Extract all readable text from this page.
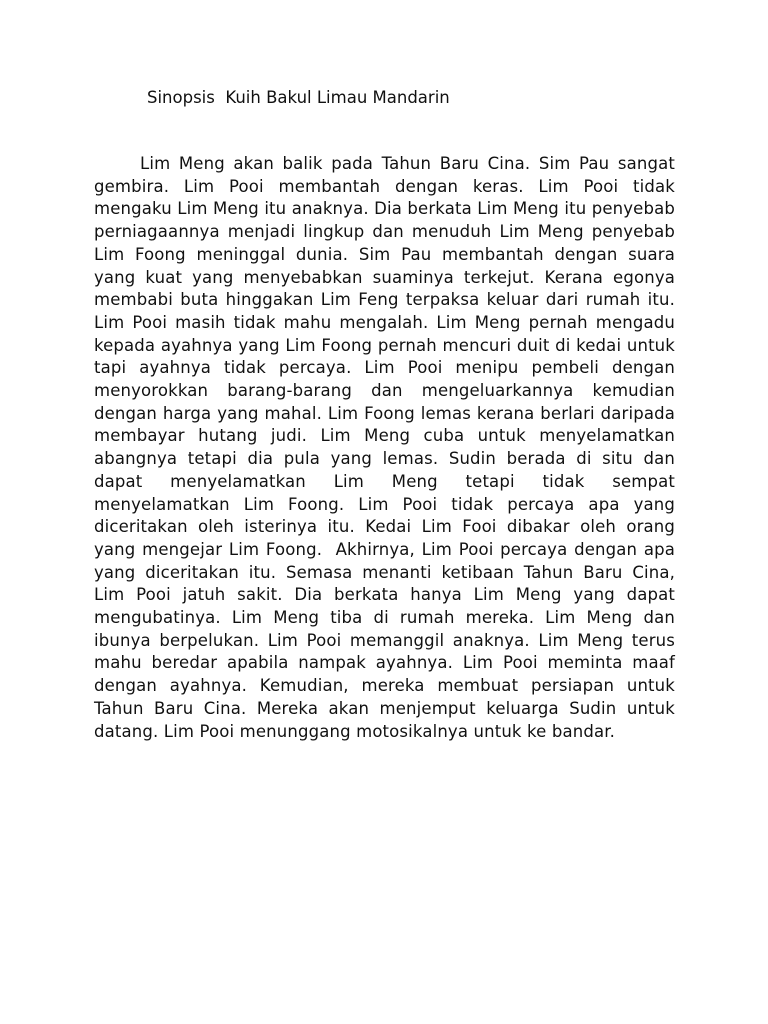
Sinopsis  Kuih Bakul Limau Mandarin

Lim Meng akan balik pada Tahun Baru Cina. Sim Pau sangat gembira. Lim Pooi membantah dengan keras. Lim Pooi tidak mengaku Lim Meng itu anaknya. Dia berkata Lim Meng itu penyebab  perniagaannya menjadi lingkup dan menuduh Lim Meng penyebab Lim Foong meninggal dunia. Sim Pau membantah dengan suara yang kuat yang menyebabkan suaminya terkejut. Kerana egonya membabi buta hinggakan Lim Feng terpaksa keluar dari rumah itu. Lim Pooi masih tidak mahu mengalah. Lim Meng pernah mengadu kepada ayahnya yang Lim Foong pernah mencuri duit di kedai untuk tapi ayahnya tidak percaya. Lim Pooi menipu pembeli dengan menyorokkan barang-barang dan mengeluarkannya kemudian dengan harga yang mahal. Lim Foong lemas kerana berlari daripada membayar hutang judi. Lim Meng cuba untuk menyelamatkan abangnya tetapi dia pula yang lemas. Sudin berada di situ dan dapat menyelamatkan Lim Meng tetapi tidak sempat menyelamatkan Lim Foong. Lim Pooi tidak percaya apa yang diceritakan oleh isterinya itu. Kedai Lim Fooi dibakar oleh orang yang mengejar Lim Foong.  Akhirnya, Lim Pooi percaya dengan apa yang diceritakan itu. Semasa menanti ketibaan Tahun Baru Cina, Lim Pooi jatuh sakit. Dia berkata hanya Lim Meng yang dapat mengubatinya. Lim Meng tiba di rumah mereka. Lim Meng dan ibunya berpelukan. Lim Pooi memanggil anaknya. Lim Meng terus mahu beredar apabila nampak ayahnya. Lim Pooi meminta maaf dengan ayahnya. Kemudian, mereka membuat persiapan untuk Tahun Baru Cina. Mereka akan menjemput keluarga Sudin untuk datang. Lim Pooi menunggang motosikalnya untuk ke bandar.
